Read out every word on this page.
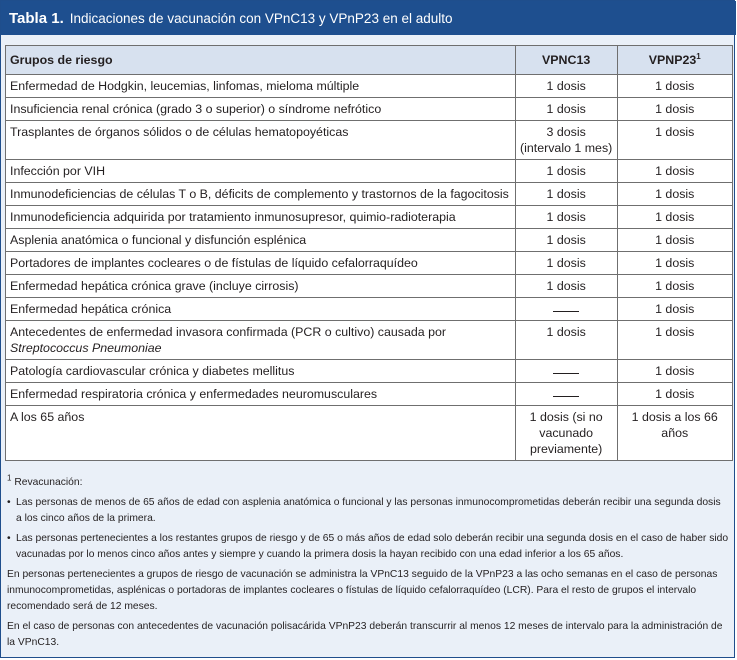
Tabla 1. Indicaciones de vacunación con VPnC13 y VPnP23 en el adulto
Grupos de riesgo	VPNC13	$VPNP23^1$
Enfermedad de Hodgkin, leucemias, linfomas, mieloma múltiple	1 dosis	1 dosis
Insuficiencia renal crónica (grado 3 o superior) o síndrome nefrótico	1 dosis	1 dosis
Trasplantes de órganos sólidos o de células hematopoyéticas	3 dosis (intervalo 1 mes)	1 dosis
Infección por VIH	1 dosis	1 dosis
Inmunodeficiencias de células T o B, déficits de complemento y trastornos de la fagocitosis	1 dosis	1 dosis
Inmunodeficiencia adquirida por tratamiento inmunosupresor, quimio-radioterapia	1 dosis	1 dosis
Asplenia anatómica o funcional y disfunción esplénica	1 dosis	1 dosis
Portadores de implantes cocleares o de fístulas de líquido cefalorraquídeo	1 dosis	1 dosis
Enfermedad hepática crónica grave (incluye cirrosis)	1 dosis	1 dosis
Enfermedad hepática crónica		1 dosis
Antecedentes de enfermedad invasora confirmada (PCR o cultivo) causada por
Streptococcus Pneumoniae	1 dosis	1 dosis
Patología cardiovascular crónica y diabetes mellitus		1 dosis
Enfermedad respiratoria crónica y enfermedades neuromusculares		1 dosis
A los 65 años	1 dosis (si no vacunado previamente)	1 dosis a los 66 años

$^1$ Revacunación:

• Las personas de menos de 65 años de edad con asplenia anatómica o funcional y las personas inmunocomprometidas deberán recibir una segunda dosis a los cinco años de la primera.

• Las personas pertenecientes a los restantes grupos de riesgo y de 65 o más años de edad solo deberán recibir una segunda dosis en el caso de haber sido vacunadas por lo menos cinco años antes y siempre y cuando la primera dosis la hayan recibido con una edad inferior a los 65 años.

En personas pertenecientes a grupos de riesgo de vacunación se administra la VPnC13 seguido de la VPnP23 a las ocho semanas en el caso de personas inmunocomprometidas, asplénicas o portadoras de implantes cocleares o fístulas de líquido cefalorraquídeo (LCR). Para el resto de grupos el intervalo recomendado será de 12 meses.

En el caso de personas con antecedentes de vacunación polisacárida VPnP23 deberán transcurrir al menos 12 meses de intervalo para la administración de la VPnC13.
